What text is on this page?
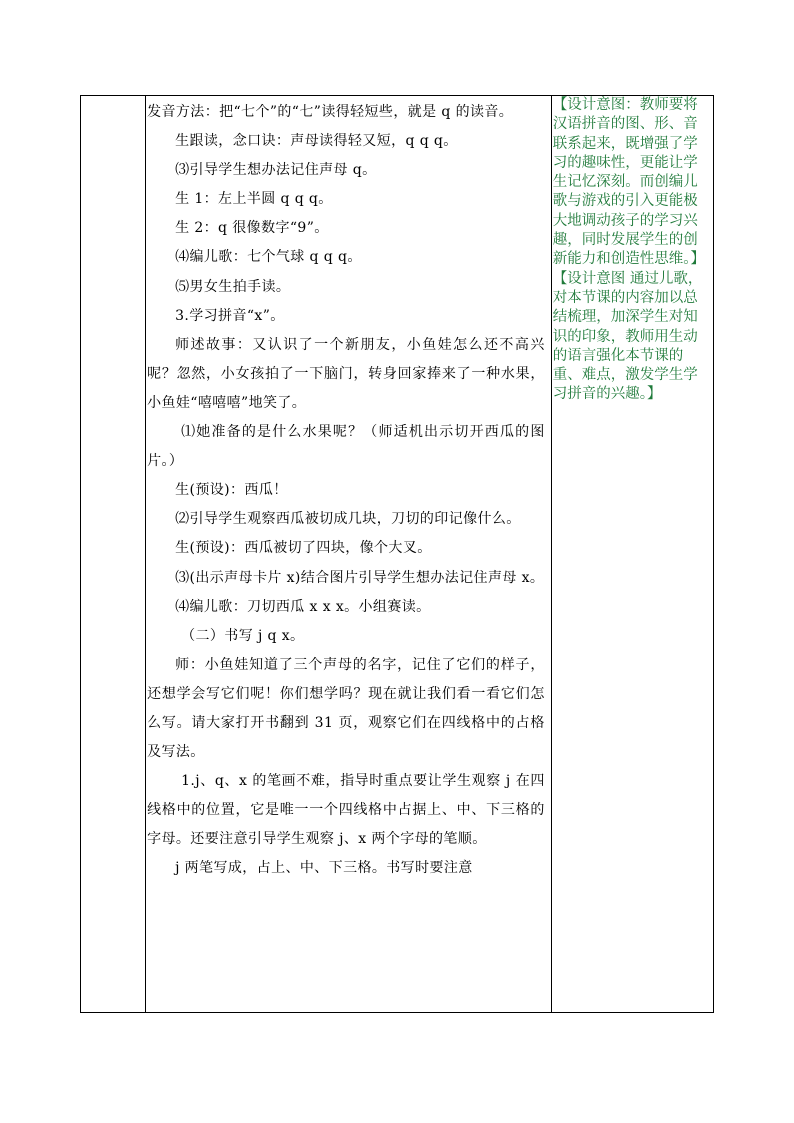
发音方法：把“七个”的“七”读得轻短些，就是 q 的读音。

生跟读，念口诀：声母读得轻又短，q q q。

⑶引导学生想办法记住声母 q。

生 1：左上半圆 q q q。

生 2：q 很像数字“9”。

⑷编儿歌：七个气球 q q q。

⑸男女生拍手读。

3.学习拼音“x”。

师述故事：又认识了一个新朋友，小鱼娃怎么还不高兴呢？忽然，小女孩拍了一下脑门，转身回家捧来了一种水果，小鱼娃“嘻嘻嘻”地笑了。

⑴她准备的是什么水果呢？（师适机出示切开西瓜的图片。）

生(预设)：西瓜！

⑵引导学生观察西瓜被切成几块，刀切的印记像什么。

生(预设)：西瓜被切了四块，像个大叉。

⑶(出示声母卡片 x)结合图片引导学生想办法记住声母 x。

⑷编儿歌：刀切西瓜 x x x。小组赛读。

（二）书写 j q x。

师：小鱼娃知道了三个声母的名字，记住了它们的样子，还想学会写它们呢！你们想学吗？现在就让我们看一看它们怎么写。请大家打开书翻到 31 页，观察它们在四线格中的占格及写法。

1.j、q、x 的笔画不难，指导时重点要让学生观察 j 在四线格中的位置，它是唯一一个四线格中占据上、中、下三格的字母。还要注意引导学生观察 j、x 两个字母的笔顺。

j 两笔写成，占上、中、下三格。书写时要注意

【设计意图：教师要将汉语拼音的图、形、音联系起来，既增强了学习的趣味性，更能让学生记忆深刻。而创编儿歌与游戏的引入更能极大地调动孩子的学习兴趣，同时发展学生的创新能力和创造性思维。】

【设计意图 通过儿歌，对本节课的内容加以总结梳理，加深学生对知识的印象，教师用生动的语言强化本节课的重、难点，激发学生学习拼音的兴趣。】
